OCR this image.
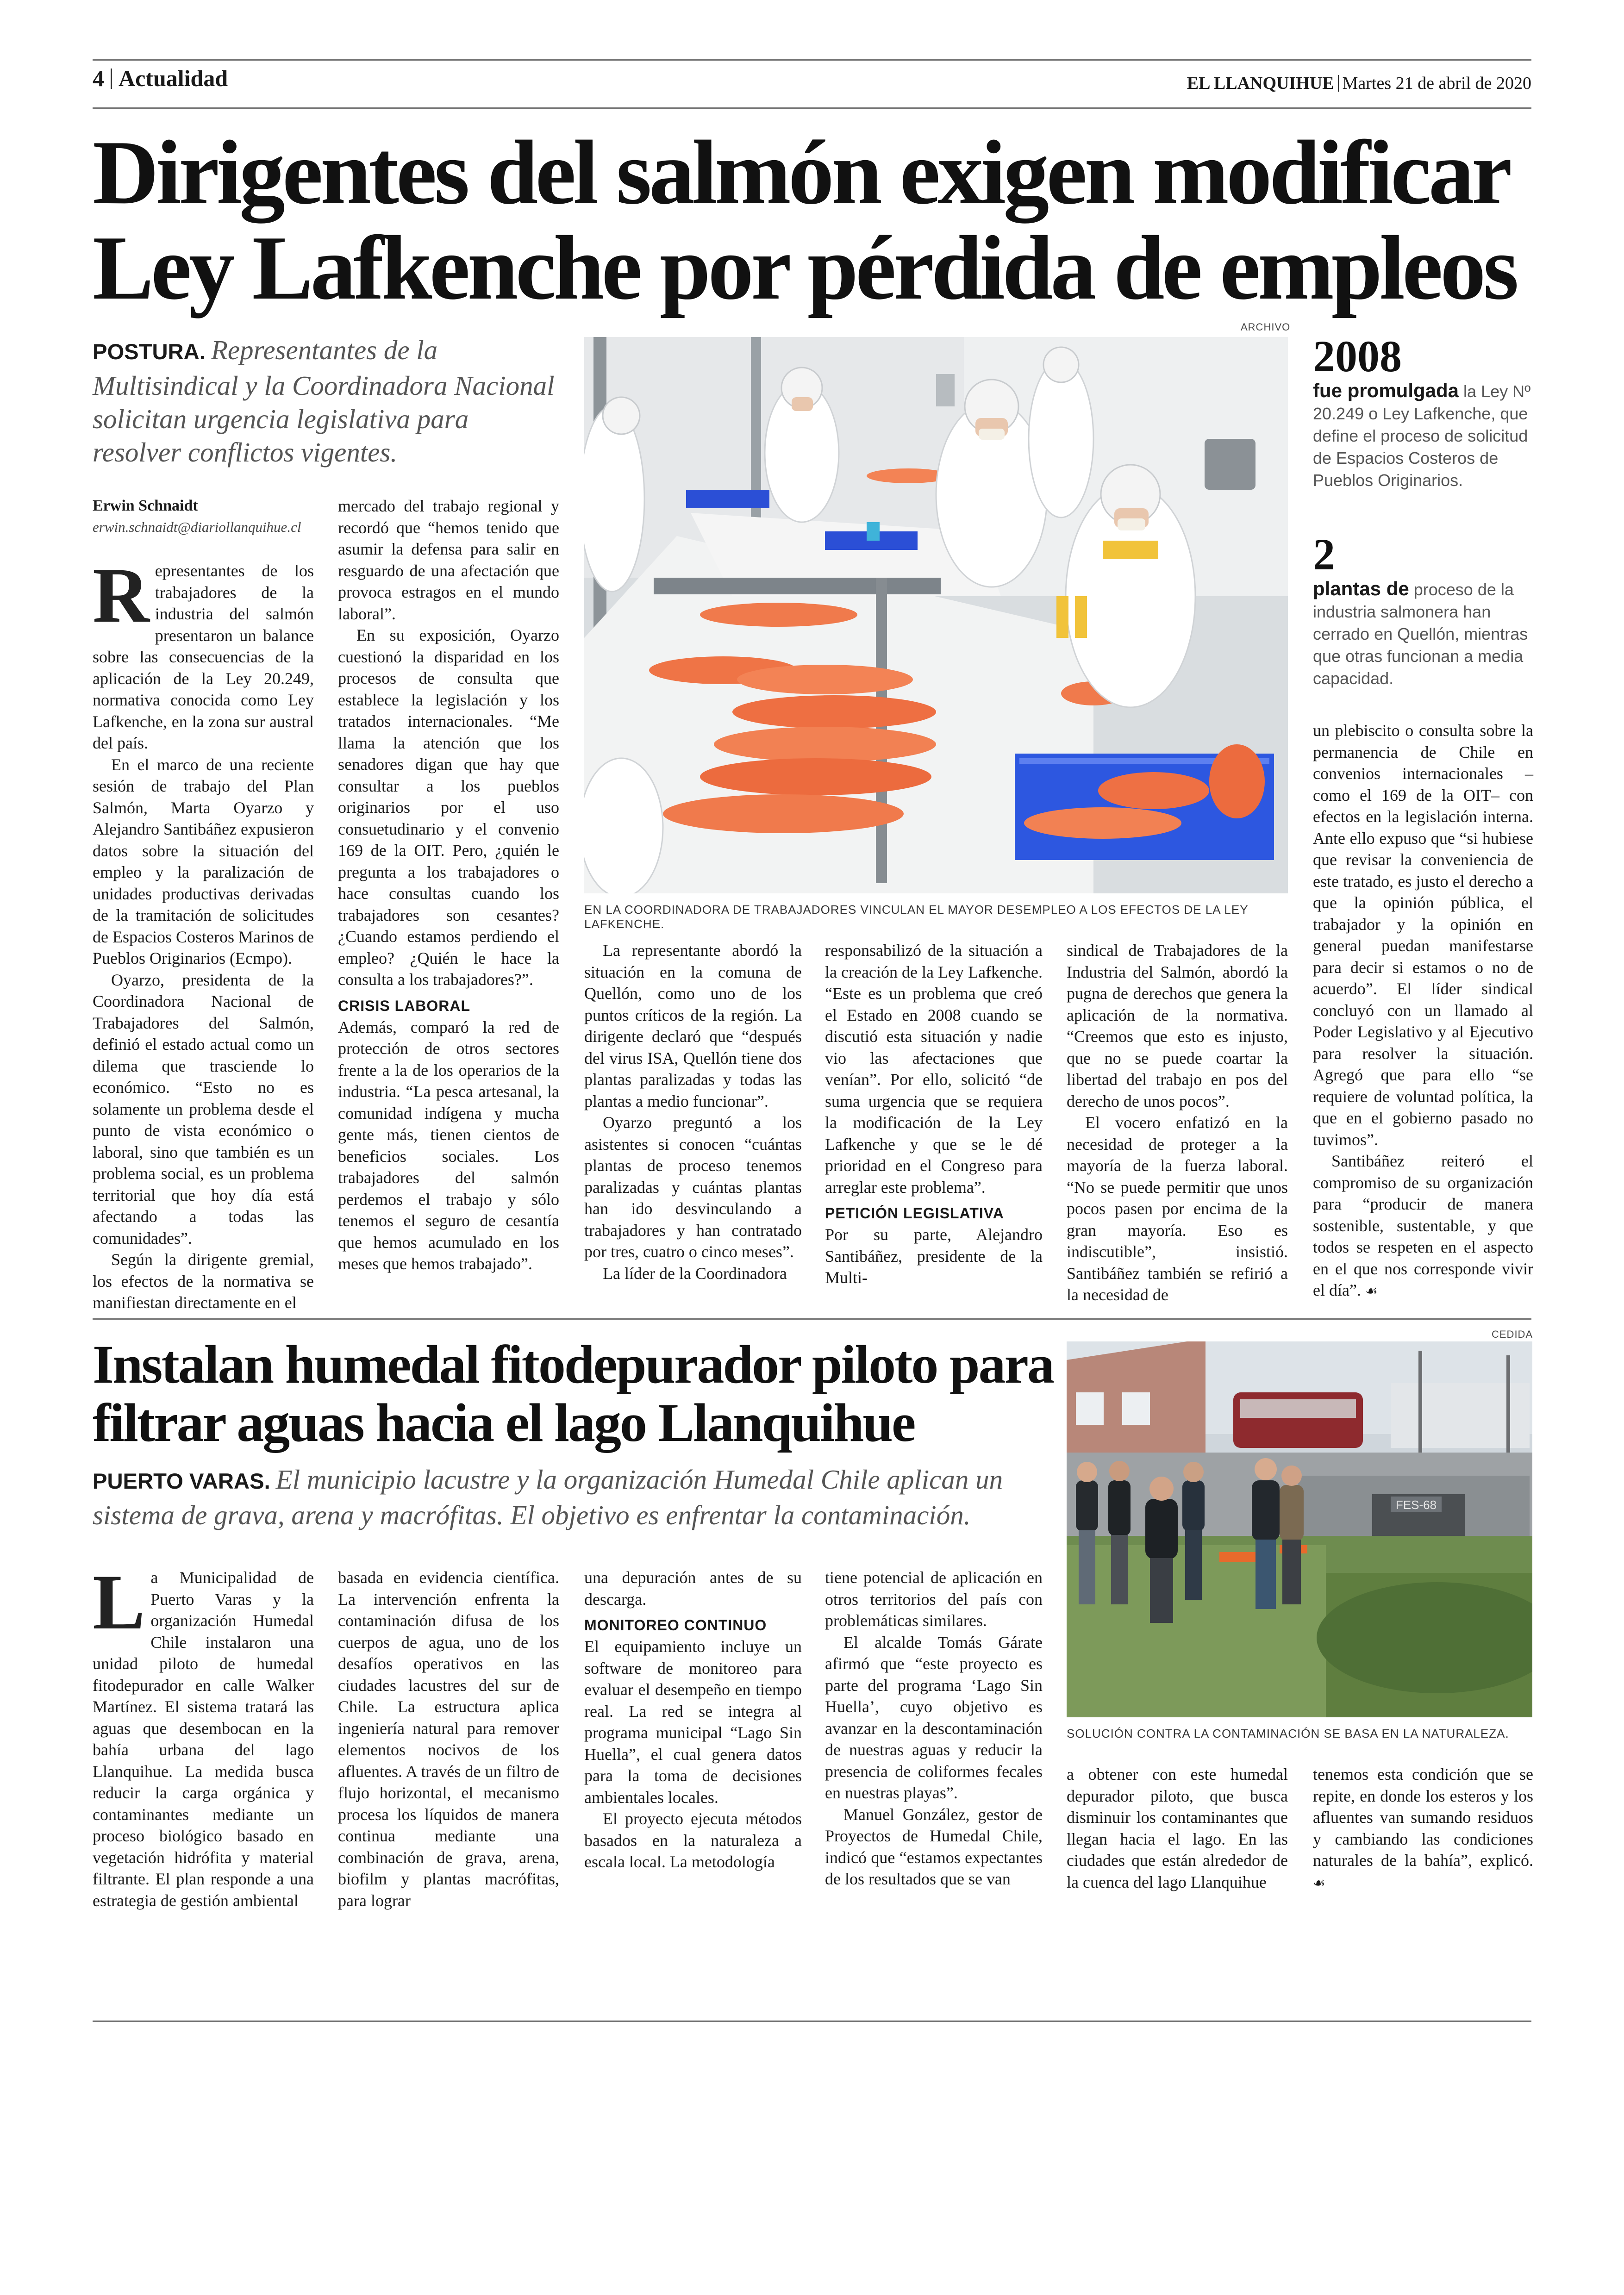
4 Actualidad	EL LLANQUIHUE Martes 21 de abril de 2020
Dirigentes del salmón exigen modificar Ley Lafkenche por pérdida de empleos
POSTURA. Representantes de la Multisindical y la Coordinadora Nacional solicitan urgencia legislativa para resolver conflictos vigentes.
Erwin Schnaidt
erwin.schnaidt@diariollanquihue.cl
ARCHIVO
EN LA COORDINADORA DE TRABAJADORES VINCULAN EL MAYOR DESEMPLEO A LOS EFECTOS DE LA LEY LAFKENCHE.
2008
fue promulgada la Ley Nº 20.249 o Ley Lafkenche, que define el proceso de solicitud de Espacios Costeros de Pueblos Originarios.
2
plantas de proceso de la industria salmonera han cerrado en Quellón, mientras que otras funcionan a media capacidad.
R epresentantes de los trabajadores de la industria del salmón presentaron un balance sobre las consecuencias de la aplicación de la Ley 20.249, normativa conocida como Ley Lafkenche, en la zona sur austral del país.

En el marco de una reciente sesión de trabajo del Plan Salmón, Marta Oyarzo y Alejandro Santibáñez expusieron datos sobre la situación del empleo y la paralización de unidades productivas derivadas de la tramitación de solicitudes de Espacios Costeros Marinos de Pueblos Originarios (Ecmpo).

Oyarzo, presidenta de la Coordinadora Nacional de Trabajadores del Salmón, definió el estado actual como un dilema que trasciende lo económico. “Esto no es solamente un problema desde el punto de vista económico o laboral, sino que también es un problema social, es un problema territorial que hoy día está afectando a todas las comunidades”.

Según la dirigente gremial, los efectos de la normativa se manifiestan directamente en el

mercado del trabajo regional y recordó que “hemos tenido que asumir la defensa para salir en resguardo de una afectación que provoca estragos en el mundo laboral”.

En su exposición, Oyarzo cuestionó la disparidad en los procesos de consulta que establece la legislación y los tratados internacionales. “Me llama la atención que los senadores digan que hay que consultar a los pueblos originarios por el uso consuetudinario y el convenio 169 de la OIT. Pero, ¿quién le pregunta a los trabajadores o hace consultas cuando los trabajadores son cesantes? ¿Cuando estamos perdiendo el empleo? ¿Quién le hace la consulta a los trabajadores?”.

CRISIS LABORAL

Además, comparó la red de protección de otros sectores frente a la de los operarios de la industria. “La pesca artesanal, la comunidad indígena y mucha gente más, tienen cientos de beneficios sociales. Los trabajadores del salmón perdemos el trabajo y sólo tenemos el seguro de cesantía que hemos acumulado en los meses que hemos trabajado”.

La representante abordó la situación en la comuna de Quellón, como uno de los puntos críticos de la región. La dirigente declaró que “después del virus ISA, Quellón tiene dos plantas paralizadas y todas las plantas a medio funcionar”.

Oyarzo preguntó a los asistentes si conocen “cuántas plantas de proceso tenemos paralizadas y cuántas plantas han ido desvinculando a trabajadores y han contratado por tres, cuatro o cinco meses”.

La líder de la Coordinadora

responsabilizó de la situación a la creación de la Ley Lafkenche. “Este es un problema que creó el Estado en 2008 cuando se discutió esta situación y nadie vio las afectaciones que venían”. Por ello, solicitó “de suma urgencia que se requiera la modificación de la Ley Lafkenche y que se le dé prioridad en el Congreso para arreglar este problema”.

PETICIÓN LEGISLATIVA

Por su parte, Alejandro Santibáñez, presidente de la Multi-

sindical de Trabajadores de la Industria del Salmón, abordó la pugna de derechos que genera la aplicación de la normativa. “Creemos que esto es injusto, que no se puede coartar la libertad del trabajo en pos del derecho de unos pocos”.

El vocero enfatizó en la necesidad de proteger a la mayoría de la fuerza laboral. “No se puede permitir que unos pocos pasen por encima de la gran mayoría. Eso es indiscutible”, insistió. Santibáñez también se refirió a la necesidad de

un plebiscito o consulta sobre la permanencia de Chile en convenios internacionales –como el 169 de la OIT– con efectos en la legislación interna. Ante ello expuso que “si hubiese que revisar la conveniencia de este tratado, es justo el derecho a que la opinión pública, el trabajador y la opinión en general puedan manifestarse para decir si estamos o no de acuerdo”. El líder sindical concluyó con un llamado al Poder Legislativo y al Ejecutivo para resolver la situación. Agregó que para ello “se requiere de voluntad política, la que en el gobierno pasado no tuvimos”.

Santibáñez reiteró el compromiso de su organización para “producir de manera sostenible, sustentable, y que todos se respeten en el aspecto en el que nos corresponde vivir el día”. ☙

Instalan humedal fitodepurador piloto para filtrar aguas hacia el lago Llanquihue
PUERTO VARAS. El municipio lacustre y la organización Humedal Chile aplican un sistema de grava, arena y macrófitas. El objetivo es enfrentar la contaminación.
CEDIDA
FES-68
SOLUCIÓN CONTRA LA CONTAMINACIÓN SE BASA EN LA NATURALEZA.
L a Municipalidad de Puerto Varas y la organización Humedal Chile instalaron una unidad piloto de humedal fitodepurador en calle Walker Martínez. El sistema tratará las aguas que desembocan en la bahía urbana del lago Llanquihue. La medida busca reducir la carga orgánica y contaminantes mediante un proceso biológico basado en vegetación hidrófita y material filtrante. El plan responde a una estrategia de gestión ambiental

basada en evidencia científica. La intervención enfrenta la contaminación difusa de los cuerpos de agua, uno de los desafíos operativos en las ciudades lacustres del sur de Chile. La estructura aplica ingeniería natural para remover elementos nocivos de los afluentes. A través de un filtro de flujo horizontal, el mecanismo procesa los líquidos de manera continua mediante una combinación de grava, arena, biofilm y plantas macrófitas, para lograr

una depuración antes de su descarga.

MONITOREO CONTINUO

El equipamiento incluye un software de monitoreo para evaluar el desempeño en tiempo real. La red se integra al programa municipal “Lago Sin Huella”, el cual genera datos para la toma de decisiones ambientales locales.

El proyecto ejecuta métodos basados en la naturaleza a escala local. La metodología

tiene potencial de aplicación en otros territorios del país con problemáticas similares.

El alcalde Tomás Gárate afirmó que “este proyecto es parte del programa ‘Lago Sin Huella’, cuyo objetivo es avanzar en la descontaminación de nuestras aguas y reducir la presencia de coliformes fecales en nuestras playas”.

Manuel González, gestor de Proyectos de Humedal Chile, indicó que “estamos expectantes de los resultados que se van

a obtener con este humedal depurador piloto, que busca disminuir los contaminantes que llegan hacia el lago. En las ciudades que están alrededor de la cuenca del lago Llanquihue

tenemos esta condición que se repite, en donde los esteros y los afluentes van sumando residuos y cambiando las condiciones naturales de la bahía”, explicó. ☙
